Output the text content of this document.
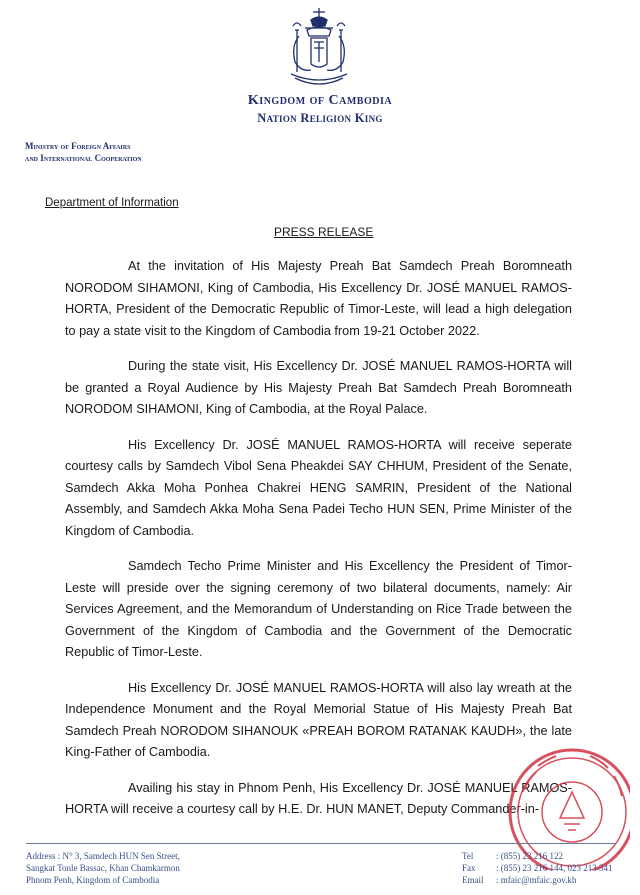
Kingdom of Cambodia
Nation Religion King
Ministry of Foreign Affairs
and International Cooperation
Department of Information
PRESS RELEASE

At the invitation of His Majesty Preah Bat Samdech Preah Boromneath NORODOM SIHAMONI, King of Cambodia, His Excellency Dr. JOSÉ MANUEL RAMOS-HORTA, President of the Democratic Republic of Timor-Leste, will lead a high delegation to pay a state visit to the Kingdom of Cambodia from 19-21 October 2022.

During the state visit, His Excellency Dr. JOSÉ MANUEL RAMOS-HORTA will be granted a Royal Audience by His Majesty Preah Bat Samdech Preah Boromneath NORODOM SIHAMONI, King of Cambodia, at the Royal Palace.

His Excellency Dr. JOSÉ MANUEL RAMOS-HORTA will receive seperate courtesy calls by Samdech Vibol Sena Pheakdei SAY CHHUM, President of the Senate, Samdech Akka Moha Ponhea Chakrei HENG SAMRIN, President of the National Assembly, and Samdech Akka Moha Sena Padei Techo HUN SEN, Prime Minister of the Kingdom of Cambodia.

Samdech Techo Prime Minister and His Excellency the President of Timor-Leste will preside over the signing ceremony of two bilateral documents, namely: Air Services Agreement, and the Memorandum of Understanding on Rice Trade between the Government of the Kingdom of Cambodia and the Government of the Democratic Republic of Timor-Leste.

His Excellency Dr. JOSÉ MANUEL RAMOS-HORTA will also lay wreath at the Independence Monument and the Royal Memorial Statue of His Majesty Preah Bat Samdech Preah NORODOM SIHANOUK «PREAH BOROM RATANAK KAUDH», the late King-Father of Cambodia.

Availing his stay in Phnom Penh, His Excellency Dr. JOSÉ MANUEL RAMOS-HORTA will receive a courtesy call by H.E. Dr. HUN MANET, Deputy Commander-in-

Address : N° 3, Samdech HUN Sen Street,
Sangkat Tonle Bassac, Khan Chamkarmon
Phnom Penh, Kingdom of Cambodia
Tel	: (855) 23 216 122
Fax : (855) 23 216 144, 023 213 341
Email : mfaic@mfaic.gov.kh
